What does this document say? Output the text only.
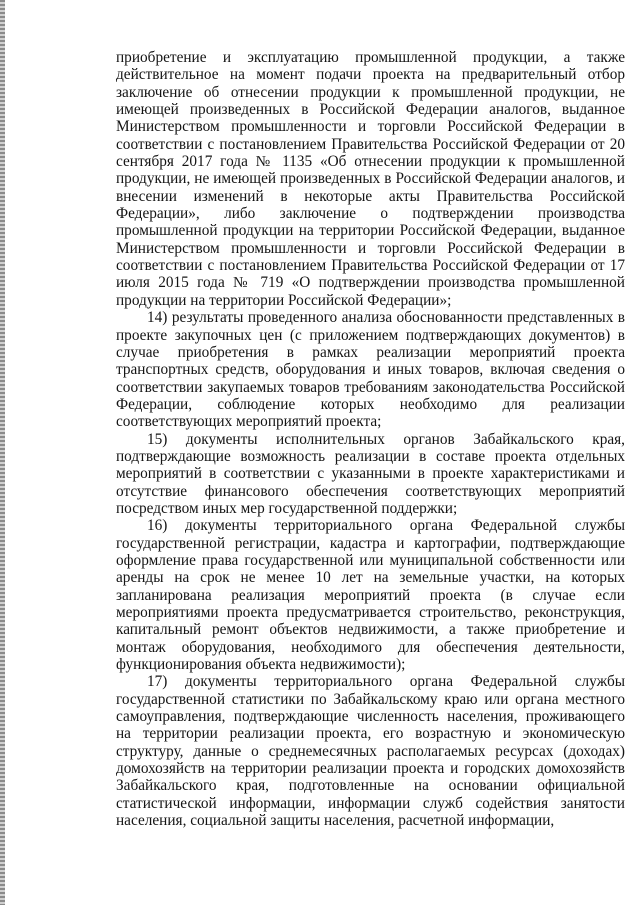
приобретение и эксплуатацию промышленной продукции, а также действительное на момент подачи проекта на предварительный отбор заключение об отнесении продукции к промышленной продукции, не имеющей произведенных в Российской Федерации аналогов, выданное Министерством промышленности и торговли Российской Федерации в соответствии с постановлением Правительства Российской Федерации от 20 сентября 2017 года № 1135 «Об отнесении продукции к промышленной продукции, не имеющей произведенных в Российской Федерации аналогов, и внесении изменений в некоторые акты Правительства Российской Федерации», либо заключение о подтверждении производства промышленной продукции на территории Российской Федерации, выданное Министерством промышленности и торговли Российской Федерации в соответствии с постановлением Правительства Российской Федерации от 17 июля 2015 года № 719 «О подтверждении производства промышленной продукции на территории Российской Федерации»;

14) результаты проведенного анализа обоснованности представленных в проекте закупочных цен (с приложением подтверждающих документов) в случае приобретения в рамках реализации мероприятий проекта транспортных средств, оборудования и иных товаров, включая сведения о соответствии закупаемых товаров требованиям законодательства Российской Федерации, соблюдение которых необходимо для реализации соответствующих мероприятий проекта;

15) документы исполнительных органов Забайкальского края, подтверждающие возможность реализации в составе проекта отдельных мероприятий в соответствии с указанными в проекте характеристиками и отсутствие финансового обеспечения соответствующих мероприятий посредством иных мер государственной поддержки;

16) документы территориального органа Федеральной службы государственной регистрации, кадастра и картографии, подтверждающие оформление права государственной или муниципальной собственности или аренды на срок не менее 10 лет на земельные участки, на которых запланирована реализация мероприятий проекта (в случае если мероприятиями проекта предусматривается строительство, реконструкция, капитальный ремонт объектов недвижимости, а также приобретение и монтаж оборудования, необходимого для обеспечения деятельности, функционирования объекта недвижимости);

17) документы территориального органа Федеральной службы государственной статистики по Забайкальскому краю или органа местного самоуправления, подтверждающие численность населения, проживающего на территории реализации проекта, его возрастную и экономическую структуру, данные о среднемесячных располагаемых ресурсах (доходах) домохозяйств на территории реализации проекта и городских домохозяйств Забайкальского края, подготовленные на основании официальной статистической информации, информации служб содействия занятости населения, социальной защиты населения, расчетной информации,
